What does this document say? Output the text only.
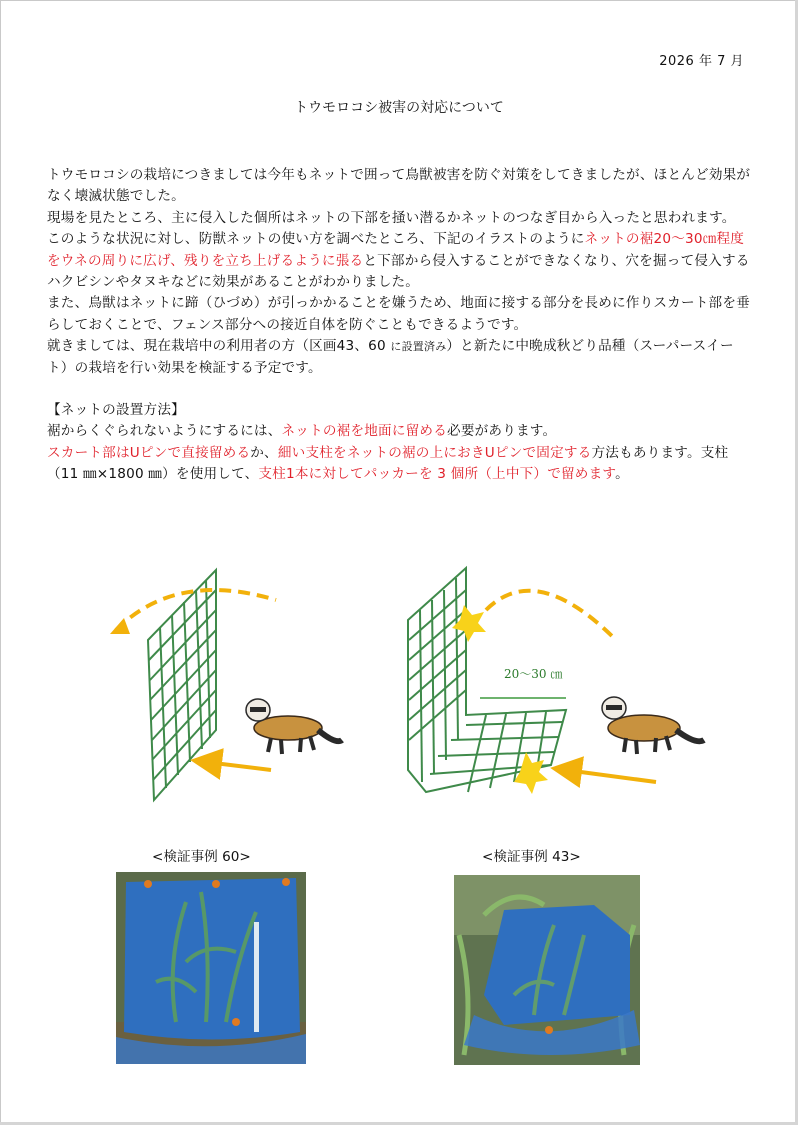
2026 年 7 月
トウモロコシ被害の対応について

トウモロコシの栽培につきましては今年もネットで囲って鳥獣被害を防ぐ対策をしてきましたが、ほとんど効果がなく壊滅状態でした。

現場を見たところ、主に侵入した個所はネットの下部を掻い潜るかネットのつなぎ目から入ったと思われます。

このような状況に対し、防獣ネットの使い方を調べたところ、下記のイラストのようにネットの裾20～30㎝程度をウネの周りに広げ、残りを立ち上げるように張ると下部から侵入することができなくなり、穴を掘って侵入するハクビシンやタヌキなどに効果があることがわかりました。

また、鳥獣はネットに蹄（ひづめ）が引っかかることを嫌うため、地面に接する部分を長めに作りスカート部を垂らしておくことで、フェンス部分への接近自体を防ぐこともできるようです。

就きましては、現在栽培中の利用者の方（区画43、60 に設置済み）と新たに中晩成秋どり品種（スーパースイート）の栽培を行い効果を検証する予定です。

【ネットの設置方法】

裾からくぐられないようにするには、ネットの裾を地面に留める必要があります。

スカート部はUピンで直接留めるか、細い支柱をネットの裾の上におきUピンで固定する方法もあります。支柱（11 ㎜×1800 ㎜）を使用して、支柱1本に対してパッカーを 3 個所（上中下）で留めます。

20～30 ㎝
<検証事例 60>	<検証事例 43>
